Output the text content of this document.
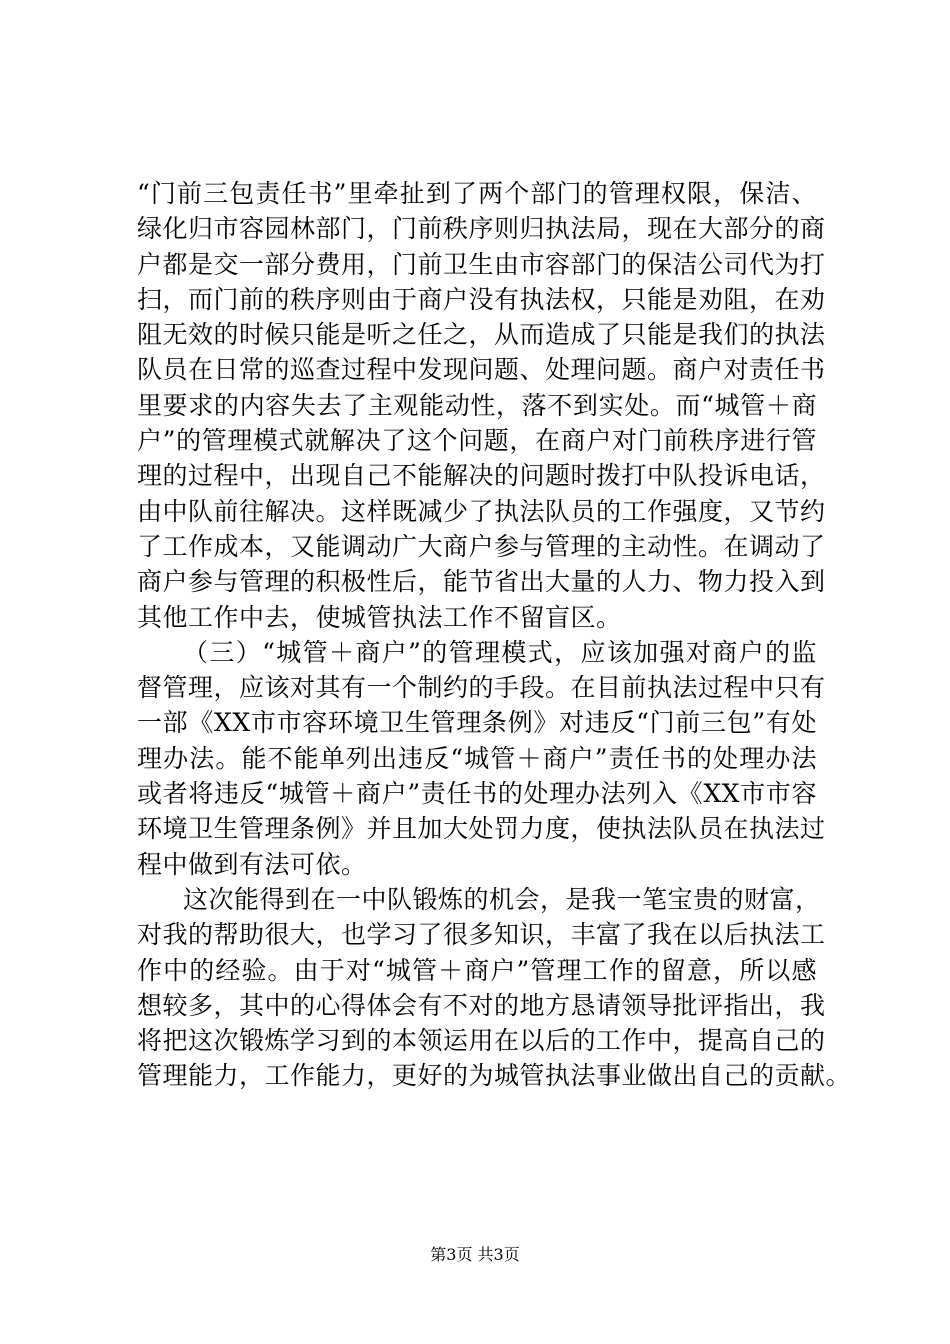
“门前三包责任书”里牵扯到了两个部门的管理权限，保洁、
绿化归市容园林部门，门前秩序则归执法局，现在大部分的商
户都是交一部分费用，门前卫生由市容部门的保洁公司代为打
扫，而门前的秩序则由于商户没有执法权，只能是劝阻，在劝
阻无效的时候只能是听之任之，从而造成了只能是我们的执法
队员在日常的巡查过程中发现问题、处理问题。商户对责任书
里要求的内容失去了主观能动性，落不到实处。而“城管＋商
户”的管理模式就解决了这个问题，在商户对门前秩序进行管
理的过程中，出现自己不能解决的问题时拨打中队投诉电话，
由中队前往解决。这样既减少了执法队员的工作强度，又节约
了工作成本，又能调动广大商户参与管理的主动性。在调动了
商户参与管理的积极性后，能节省出大量的人力、物力投入到
其他工作中去，使城管执法工作不留盲区。
（三）“城管＋商户”的管理模式，应该加强对商户的监
督管理，应该对其有一个制约的手段。在目前执法过程中只有
一部《XX市市容环境卫生管理条例》对违反“门前三包”有处
理办法。能不能单列出违反“城管＋商户”责任书的处理办法
或者将违反“城管＋商户”责任书的处理办法列入《XX市市容
环境卫生管理条例》并且加大处罚力度，使执法队员在执法过
程中做到有法可依。
这次能得到在一中队锻炼的机会，是我一笔宝贵的财富，
对我的帮助很大，也学习了很多知识，丰富了我在以后执法工
作中的经验。由于对“城管＋商户”管理工作的留意，所以感
想较多，其中的心得体会有不对的地方恳请领导批评指出，我
将把这次锻炼学习到的本领运用在以后的工作中，提高自己的
管理能力，工作能力，更好的为城管执法事业做出自己的贡献。
第3页 共3页
